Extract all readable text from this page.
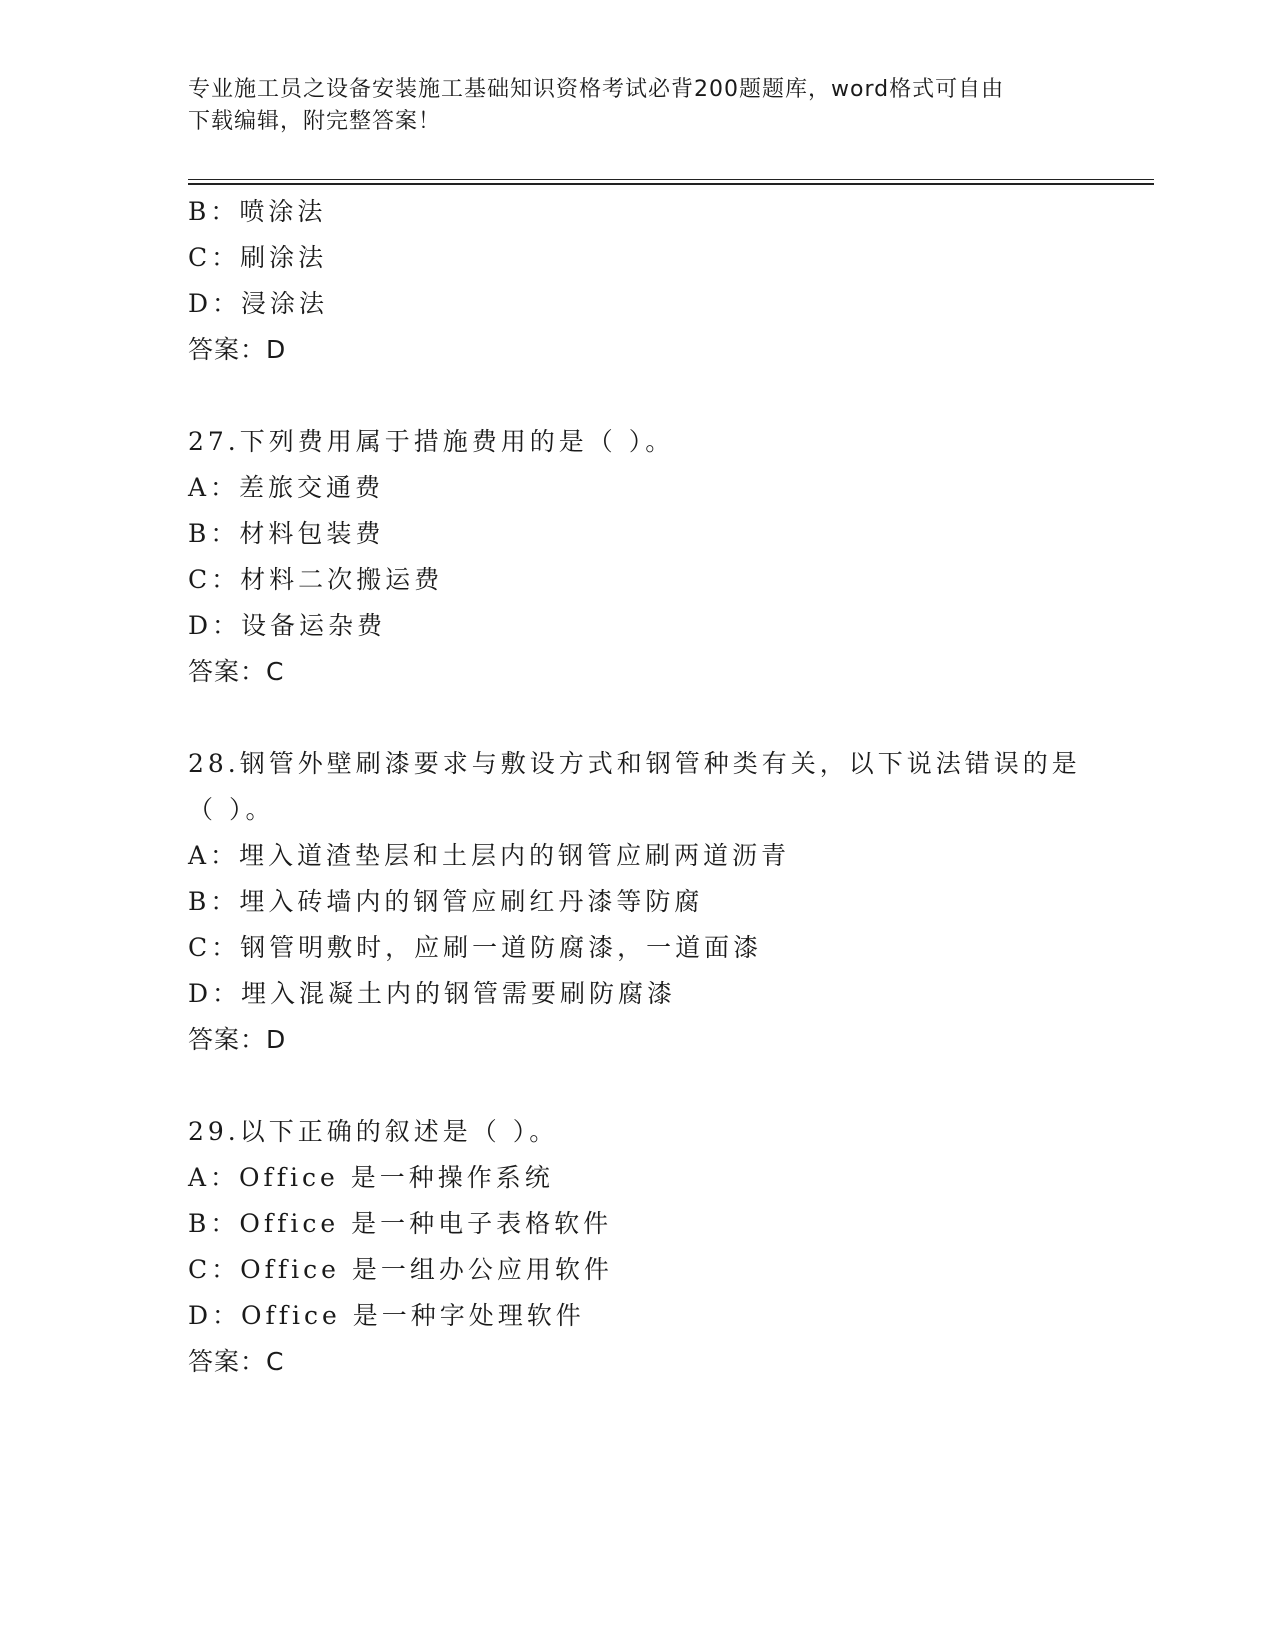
专业施工员之设备安装施工基础知识资格考试必背200题题库，word格式可自由
下载编辑，附完整答案！
B：喷涂法
C：刷涂法
D：浸涂法
答案：D
27.下列费用属于措施费用的是（ ）。
A：差旅交通费
B：材料包装费
C：材料二次搬运费
D：设备运杂费
答案：C
28.钢管外壁刷漆要求与敷设方式和钢管种类有关，以下说法错误的是
（ ）。
A：埋入道渣垫层和土层内的钢管应刷两道沥青
B：埋入砖墙内的钢管应刷红丹漆等防腐
C：钢管明敷时，应刷一道防腐漆，一道面漆
D：埋入混凝土内的钢管需要刷防腐漆
答案：D
29.以下正确的叙述是（ ）。
A：Office 是一种操作系统
B：Office 是一种电子表格软件
C：Office 是一组办公应用软件
D：Office 是一种字处理软件
答案：C
